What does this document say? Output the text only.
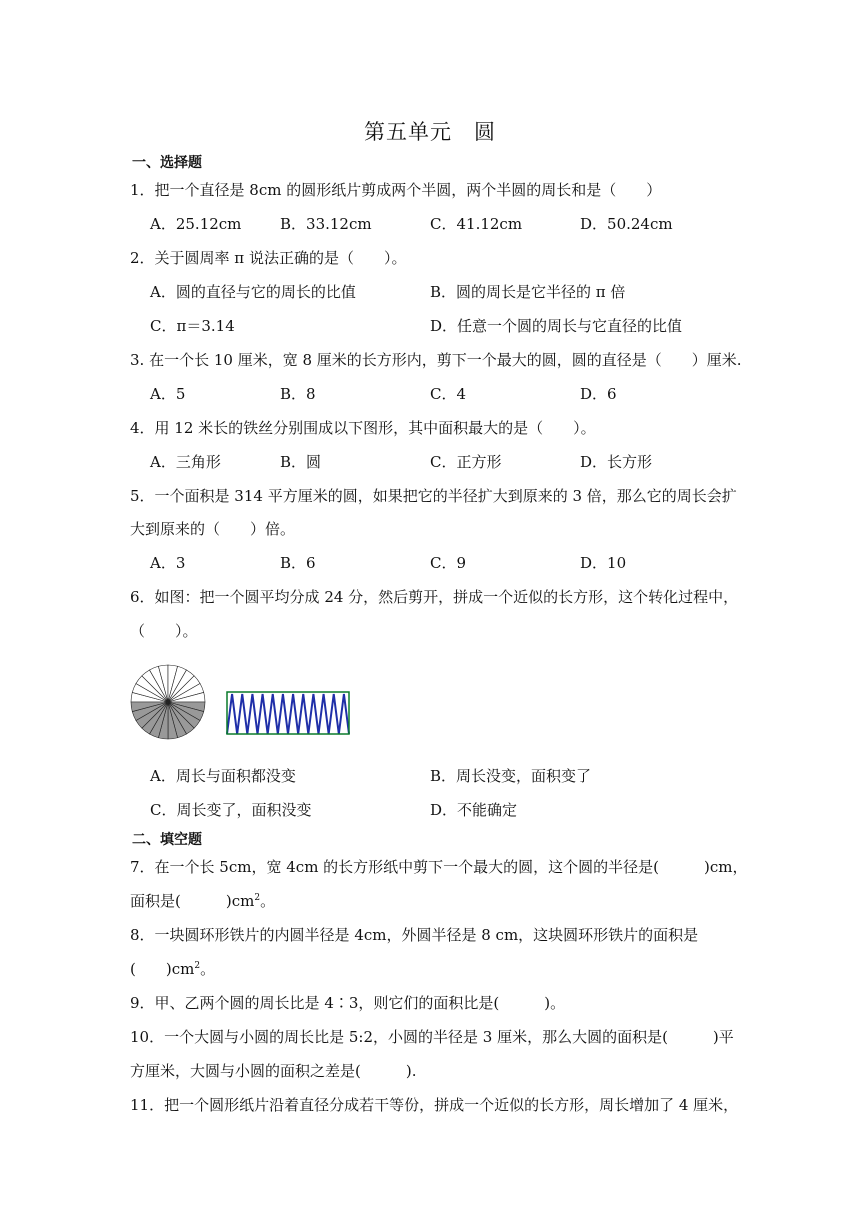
第五单元　圆
一、选择题
1．把一个直径是 8cm 的圆形纸片剪成两个半圆，两个半圆的周长和是（　　）
A．25.12cm	B．33.12cm	C．41.12cm	D．50.24cm
2．关于圆周率 π 说法正确的是（　　）。
A．圆的直径与它的周长的比值	B．圆的周长是它半径的 π 倍
C．π＝3.14	D．任意一个圆的周长与它直径的比值
3. 在一个长 10 厘米，宽 8 厘米的长方形内，剪下一个最大的圆，圆的直径是（　　）厘米.
A．5	B．8	C．4	D．6
4．用 12 米长的铁丝分别围成以下图形，其中面积最大的是（　　）。
A．三角形	B．圆	C．正方形	D．长方形
5．一个面积是 314 平方厘米的圆，如果把它的半径扩大到原来的 3 倍，那么它的周长会扩
大到原来的（　　）倍。
A．3	B．6	C．9	D．10
6．如图：把一个圆平均分成 24 分，然后剪开，拼成一个近似的长方形，这个转化过程中，
（　　）。
A．周长与面积都没变	B．周长没变，面积变了
C．周长变了，面积没变	D．不能确定
二、填空题
7．在一个长 5cm，宽 4cm 的长方形纸中剪下一个最大的圆，这个圆的半径是(　　　)cm，
面积是(　　　)$cm^2$。
8．一块圆环形铁片的内圆半径是 4cm，外圆半径是 8 cm，这块圆环形铁片的面积是
(　　)$cm^2$。
9．甲、乙两个圆的周长比是 4∶3，则它们的面积比是(　　　)。
10．一个大圆与小圆的周长比是 5:2，小圆的半径是 3 厘米，那么大圆的面积是(　　　)平
方厘米，大圆与小圆的面积之差是(　　　).
11．把一个圆形纸片沿着直径分成若干等份，拼成一个近似的长方形，周长增加了 4 厘米，
